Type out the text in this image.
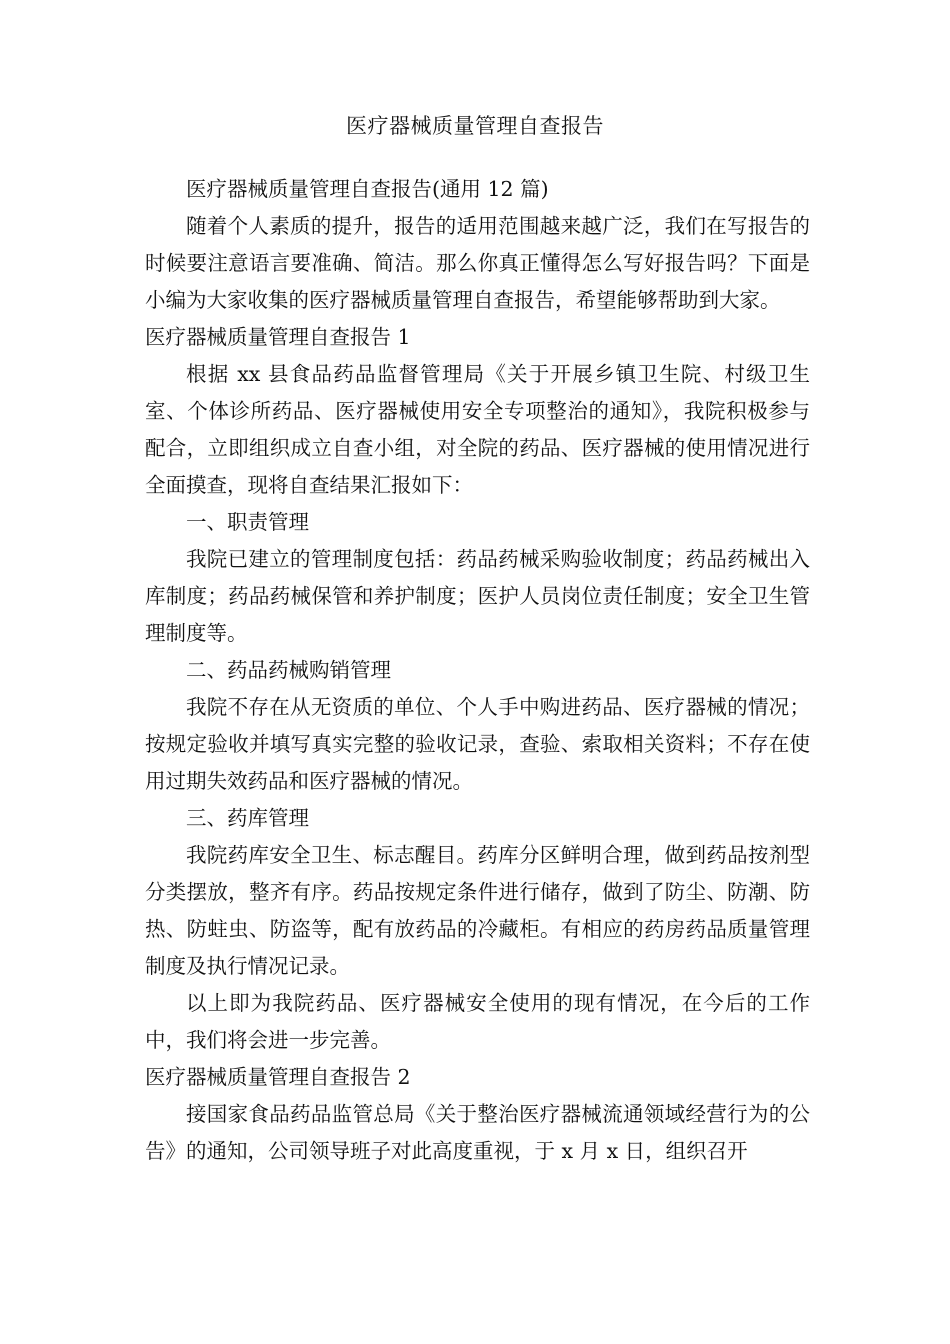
医疗器械质量管理自查报告

医疗器械质量管理自查报告(通用 12 篇)

随着个人素质的提升，报告的适用范围越来越广泛，我们在写报告的时候要注意语言要准确、简洁。那么你真正懂得怎么写好报告吗？下面是小编为大家收集的医疗器械质量管理自查报告，希望能够帮助到大家。

医疗器械质量管理自查报告 1

根据 xx 县食品药品监督管理局《关于开展乡镇卫生院、村级卫生室、个体诊所药品、医疗器械使用安全专项整治的通知》，我院积极参与配合，立即组织成立自查小组，对全院的药品、医疗器械的使用情况进行全面摸查，现将自查结果汇报如下：

一、职责管理

我院已建立的管理制度包括：药品药械采购验收制度；药品药械出入库制度；药品药械保管和养护制度；医护人员岗位责任制度；安全卫生管理制度等。

二、药品药械购销管理

我院不存在从无资质的单位、个人手中购进药品、医疗器械的情况；按规定验收并填写真实完整的验收记录，查验、索取相关资料；不存在使用过期失效药品和医疗器械的情况。

三、药库管理

我院药库安全卫生、标志醒目。药库分区鲜明合理，做到药品按剂型分类摆放，整齐有序。药品按规定条件进行储存，做到了防尘、防潮、防热、防蛀虫、防盗等，配有放药品的冷藏柜。有相应的药房药品质量管理制度及执行情况记录。

以上即为我院药品、医疗器械安全使用的现有情况，在今后的工作中，我们将会进一步完善。

医疗器械质量管理自查报告 2

接国家食品药品监管总局《关于整治医疗器械流通领域经营行为的公告》的通知，公司领导班子对此高度重视，于 x 月 x 日，组织召开
